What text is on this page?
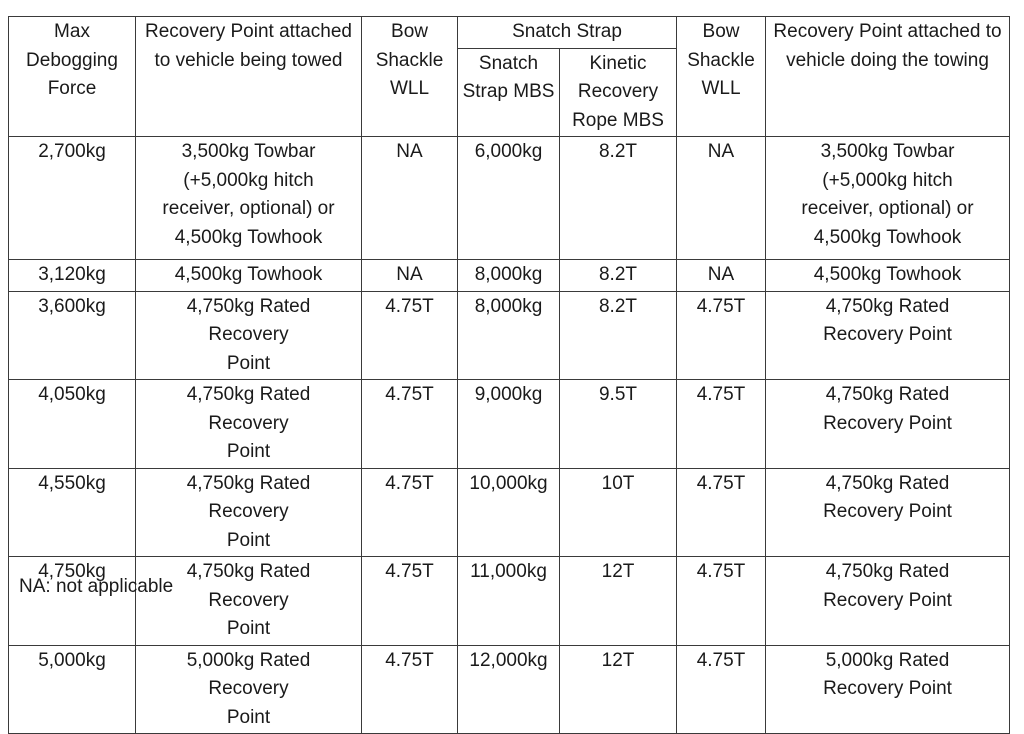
Max Debogging Force	Recovery Point attached to vehicle being towed	Bow Shackle WLL	Snatch Strap		Bow Shackle WLL	Recovery Point attached to vehicle doing the towing
			Snatch Strap MBS	Kinetic Recovery Rope MBS		
2,700kg	3,500kg Towbar (+5,000kg hitch receiver, optional) or 4,500kg Towhook	NA	6,000kg	8.2T	NA	3,500kg Towbar (+5,000kg hitch receiver, optional) or 4,500kg Towhook
3,120kg	4,500kg Towhook	NA	8,000kg	8.2T	NA	4,500kg Towhook
3,600kg	4,750kg Rated Recovery Point	4.75T	8,000kg	8.2T	4.75T	4,750kg Rated Recovery Point
4,050kg	4,750kg Rated Recovery Point	4.75T	9,000kg	9.5T	4.75T	4,750kg Rated Recovery Point
4,550kg	4,750kg Rated Recovery Point	4.75T	10,000kg	10T	4.75T	4,750kg Rated Recovery Point
4,750kg	4,750kg Rated Recovery Point	4.75T	11,000kg	12T	4.75T	4,750kg Rated Recovery Point
5,000kg	5,000kg Rated Recovery Point	4.75T	12,000kg	12T	4.75T	5,000kg Rated Recovery Point
NA: not applicable
